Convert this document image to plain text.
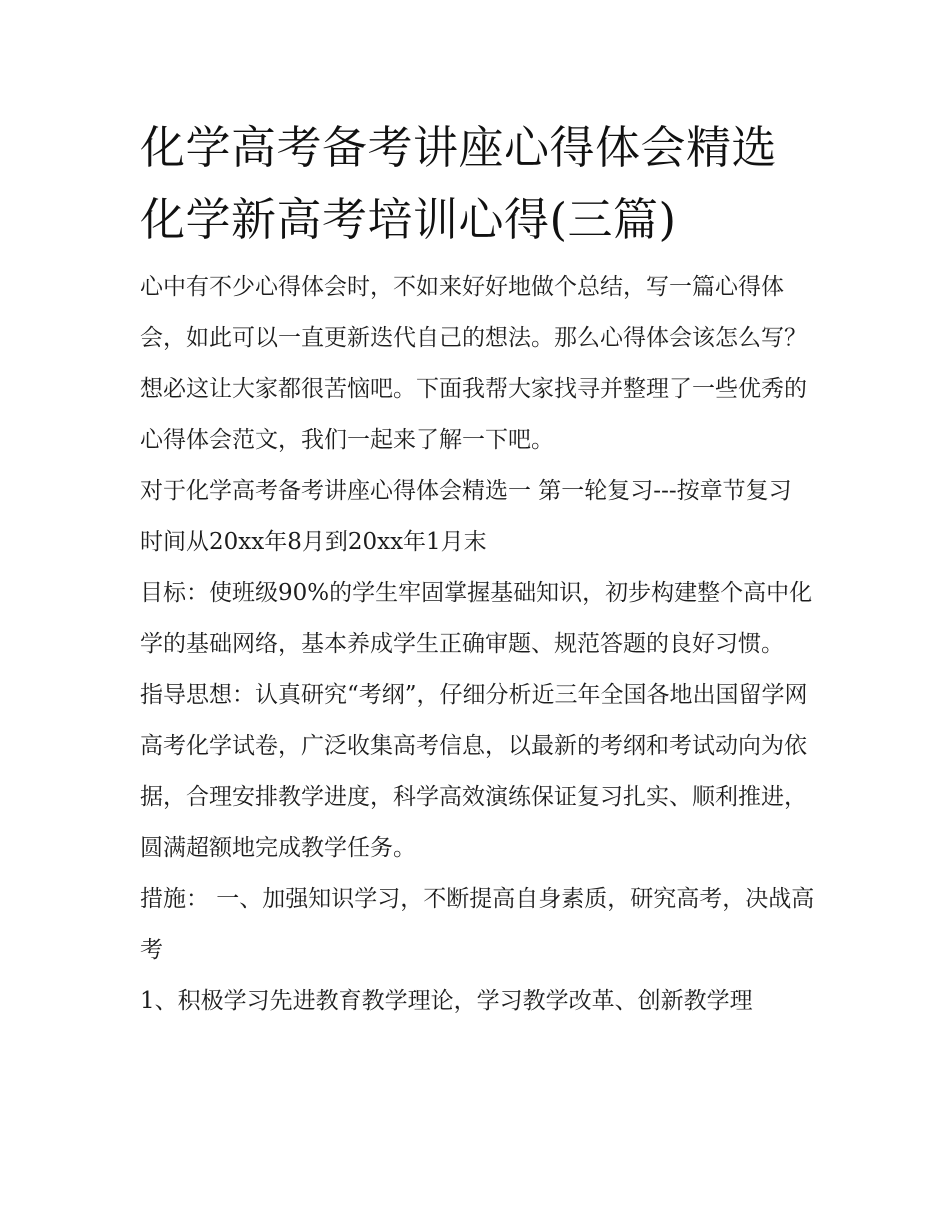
化学高考备考讲座心得体会精选 化学新高考培训心得(三篇)

心中有不少心得体会时，不如来好好地做个总结，写一篇心得体会，如此可以一直更新迭代自己的想法。那么心得体会该怎么写？想必这让大家都很苦恼吧。下面我帮大家找寻并整理了一些优秀的心得体会范文，我们一起来了解一下吧。

对于化学高考备考讲座心得体会精选一 第一轮复习---按章节复习 时间从20xx年8月到20xx年1月末

目标：使班级90%的学生牢固掌握基础知识，初步构建整个高中化学的基础网络，基本养成学生正确审题、规范答题的良好习惯。

指导思想：认真研究“考纲”，仔细分析近三年全国各地出国留学网高考化学试卷，广泛收集高考信息，以最新的考纲和考试动向为依据，合理安排教学进度，科学高效演练保证复习扎实、顺利推进，圆满超额地完成教学任务。

措施： 一、加强知识学习，不断提高自身素质，研究高考，决战高考

1、积极学习先进教育教学理论，学习教学改革、创新教学理
